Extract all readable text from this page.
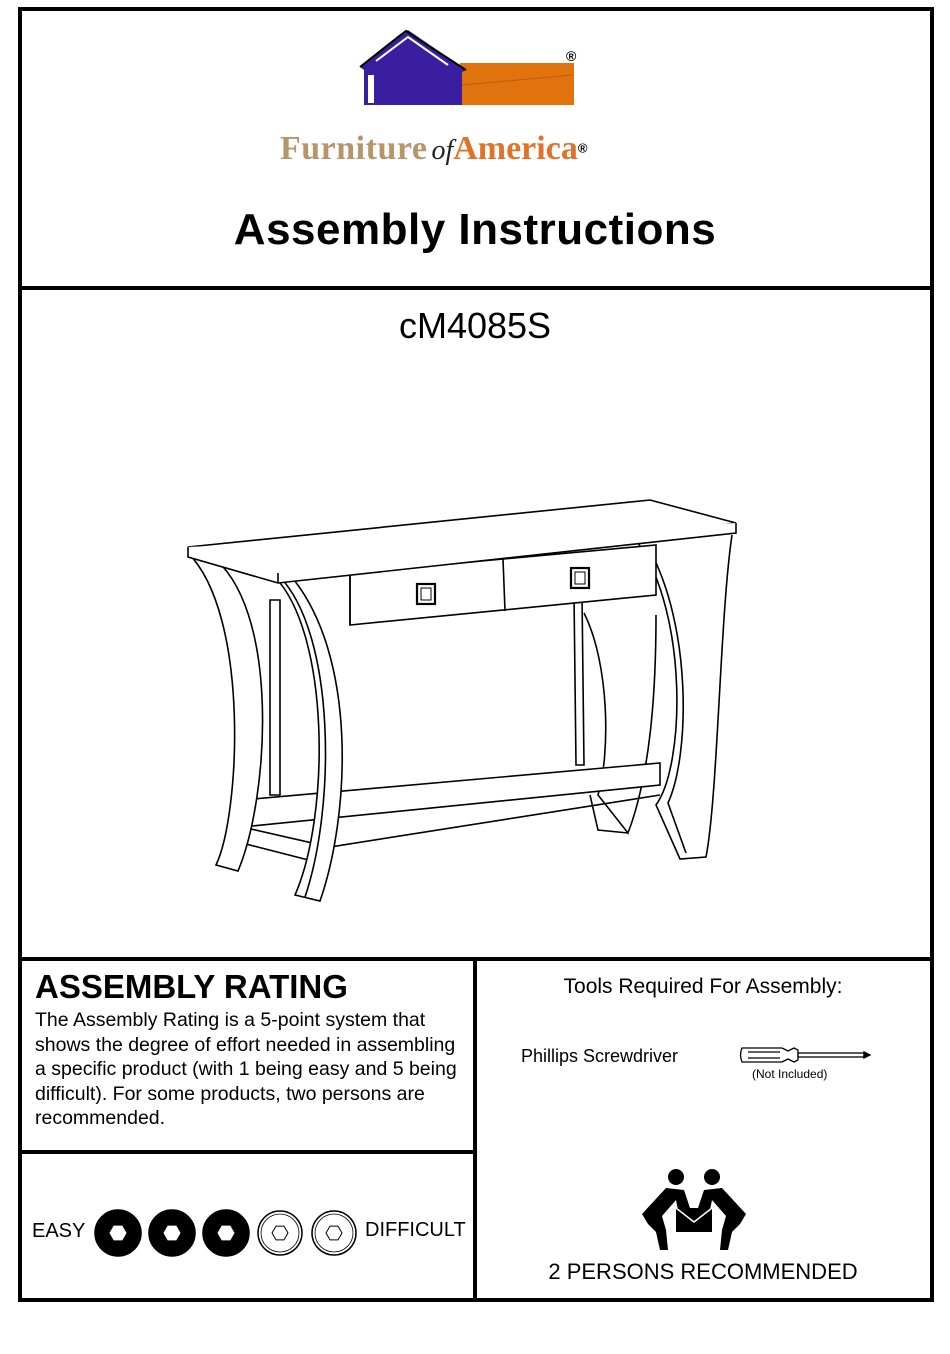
®
Furniture ofAmerica®
Assembly Instructions
cM4085S
ASSEMBLY RATING
The Assembly Rating is a 5-point system that shows the degree of effort needed in assembling a specific product (with 1 being easy and 5 being difficult). For some products, two persons are recommended.
EASY	DIFFICULT
Tools Required For Assembly:
Phillips Screwdriver
(Not Included)
2 PERSONS RECOMMENDED
